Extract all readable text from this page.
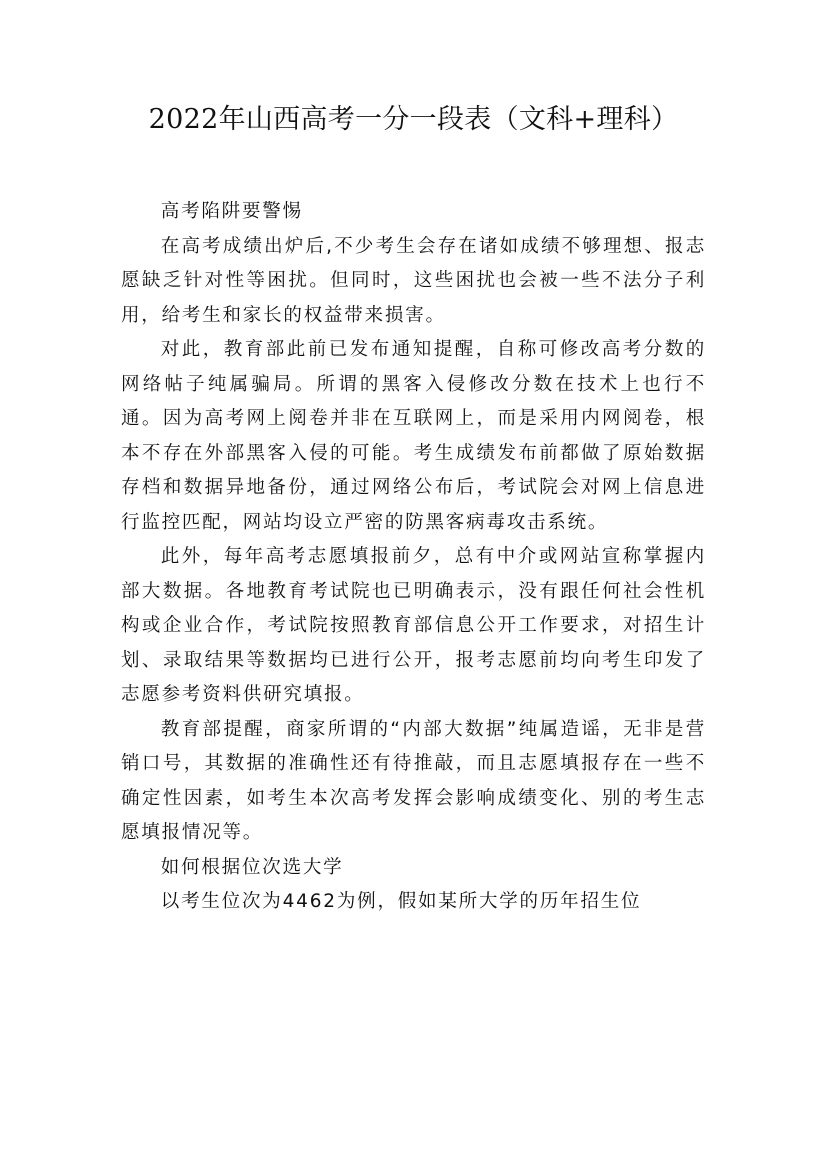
2022年山西高考一分一段表（文科+理科）

高考陷阱要警惕

在高考成绩出炉后,不少考生会存在诸如成绩不够理想、报志愿缺乏针对性等困扰。但同时，这些困扰也会被一些不法分子利用，给考生和家长的权益带来损害。

对此，教育部此前已发布通知提醒，自称可修改高考分数的网络帖子纯属骗局。所谓的黑客入侵修改分数在技术上也行不通。因为高考网上阅卷并非在互联网上，而是采用内网阅卷，根本不存在外部黑客入侵的可能。考生成绩发布前都做了原始数据存档和数据异地备份，通过网络公布后，考试院会对网上信息进行监控匹配，网站均设立严密的防黑客病毒攻击系统。

此外，每年高考志愿填报前夕，总有中介或网站宣称掌握内部大数据。各地教育考试院也已明确表示，没有跟任何社会性机构或企业合作，考试院按照教育部信息公开工作要求，对招生计划、录取结果等数据均已进行公开，报考志愿前均向考生印发了志愿参考资料供研究填报。

教育部提醒，商家所谓的“内部大数据”纯属造谣，无非是营销口号，其数据的准确性还有待推敲，而且志愿填报存在一些不确定性因素，如考生本次高考发挥会影响成绩变化、别的考生志愿填报情况等。

如何根据位次选大学

以考生位次为4462为例，假如某所大学的历年招生位
